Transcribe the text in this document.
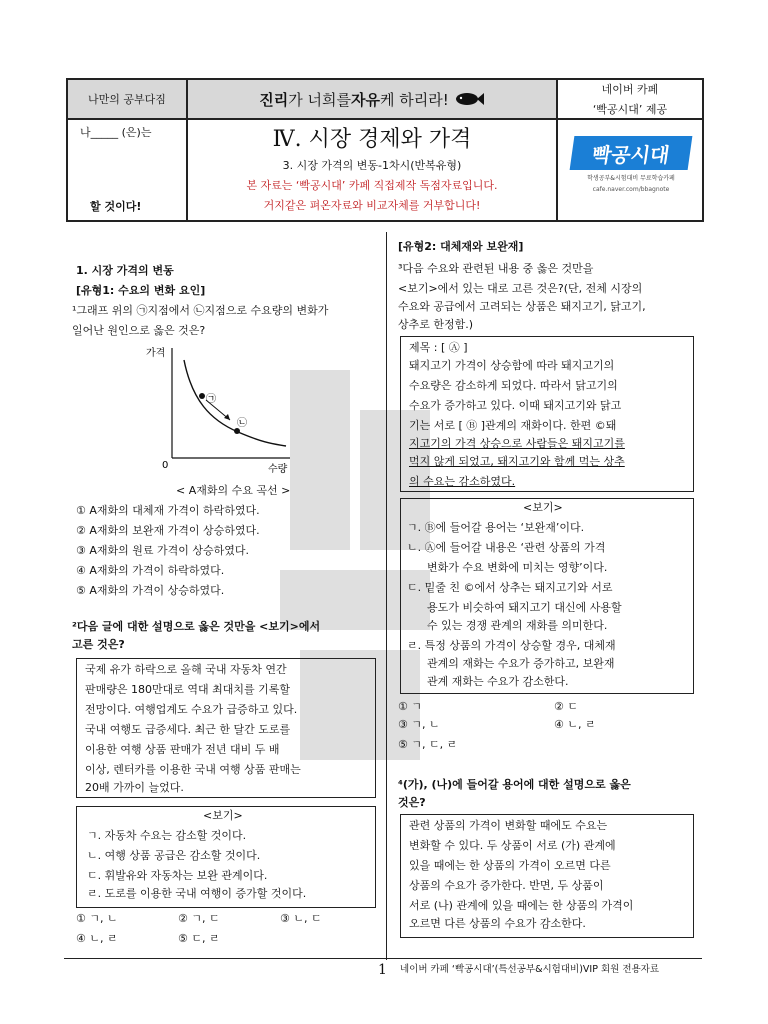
나만의 공부다짐	진리 가 너희를 자유 케 하리라!
네이버 카페
‘빡공시대’ 제공
나_____ (은)는
할 것이다!
Ⅳ. 시장 경제와 가격
3. 시장 가격의 변동-1차시(반복유형)
본 자료는 ‘빡공시대’ 카페 직접제작 독점자료입니다.
거지같은 펴온자료와 비교자체를 거부합니다!
빡공시대
학생공부&시험대비 무료학습카페
cafe.naver.com/bbagnote
1. 시장 가격의 변동
[유형1: 수요의 변화 요인]
¹그래프 위의 ㉠지점에서 ㉡지점으로 수요량의 변화가
일어난 원인으로 옳은 것은?
가격
0	수량
㉠
㉡
< A재화의 수요 곡선 >
① A재화의 대체재 가격이 하락하였다.
② A재화의 보완재 가격이 상승하였다.
③ A재화의 원료 가격이 상승하였다.
④ A재화의 가격이 하락하였다.
⑤ A재화의 가격이 상승하였다.
²다음 글에 대한 설명으로 옳은 것만을 <보기>에서
고른 것은?
국제 유가 하락으로 올해 국내 자동차 연간
판매량은 180만대로 역대 최대치를 기록할
전망이다. 여행업계도 수요가 급증하고 있다.
국내 여행도 급증세다. 최근 한 달간 도로를
이용한 여행 상품 판매가 전년 대비 두 배
이상, 렌터카를 이용한 국내 여행 상품 판매는
20배 가까이 늘었다.
<보기>
ㄱ. 자동차 수요는 감소할 것이다.
ㄴ. 여행 상품 공급은 감소할 것이다.
ㄷ. 휘발유와 자동차는 보완 관계이다.
ㄹ. 도로를 이용한 국내 여행이 증가할 것이다.
① ㄱ, ㄴ	② ㄱ, ㄷ	③ ㄴ, ㄷ
④ ㄴ, ㄹ	⑤ ㄷ, ㄹ
[유형2: 대체재와 보완재]
³다음 수요와 관련된 내용 중 옳은 것만을
<보기>에서 있는 대로 고른 것은?(단, 전체 시장의
수요와 공급에서 고려되는 상품은 돼지고기, 닭고기,
상추로 한정함.)
제목 : [ Ⓐ ]
돼지고기 가격이 상승함에 따라 돼지고기의
수요량은 감소하게 되었다. 따라서 닭고기의
수요가 증가하고 있다. 이때 돼지고기와 닭고
기는 서로 [ Ⓑ ]관계의 재화이다. 한편 ©돼
지고기의 가격 상승으로 사람들은 돼지고기를
먹지 않게 되었고, 돼지고기와 함께 먹는 상추
의 수요는 감소하였다.
<보기>
ㄱ. Ⓑ에 들어갈 용어는 ‘보완재’이다.
ㄴ. Ⓐ에 들어갈 내용은 ‘관련 상품의 가격
변화가 수요 변화에 미치는 영향’이다.
ㄷ. 밑줄 친 ©에서 상추는 돼지고기와 서로
용도가 비슷하여 돼지고기 대신에 사용할
수 있는 경쟁 관계의 재화를 의미한다.
ㄹ. 특정 상품의 가격이 상승할 경우, 대체재
관계의 재화는 수요가 증가하고, 보완재
관계 재화는 수요가 감소한다.
① ㄱ	② ㄷ
③ ㄱ, ㄴ	④ ㄴ, ㄹ
⑤ ㄱ, ㄷ, ㄹ
⁴(가), (나)에 들어갈 용어에 대한 설명으로 옳은
것은?
관련 상품의 가격이 변화할 때에도 수요는
변화할 수 있다. 두 상품이 서로 (가) 관계에
있을 때에는 한 상품의 가격이 오르면 다른
상품의 수요가 증가한다. 반면, 두 상품이
서로 (나) 관계에 있을 때에는 한 상품의 가격이
오르면 다른 상품의 수요가 감소한다.
1 네이버 카페 ‘빡공시대’(특선공부&시험대비)VIP 회원 전용자료
